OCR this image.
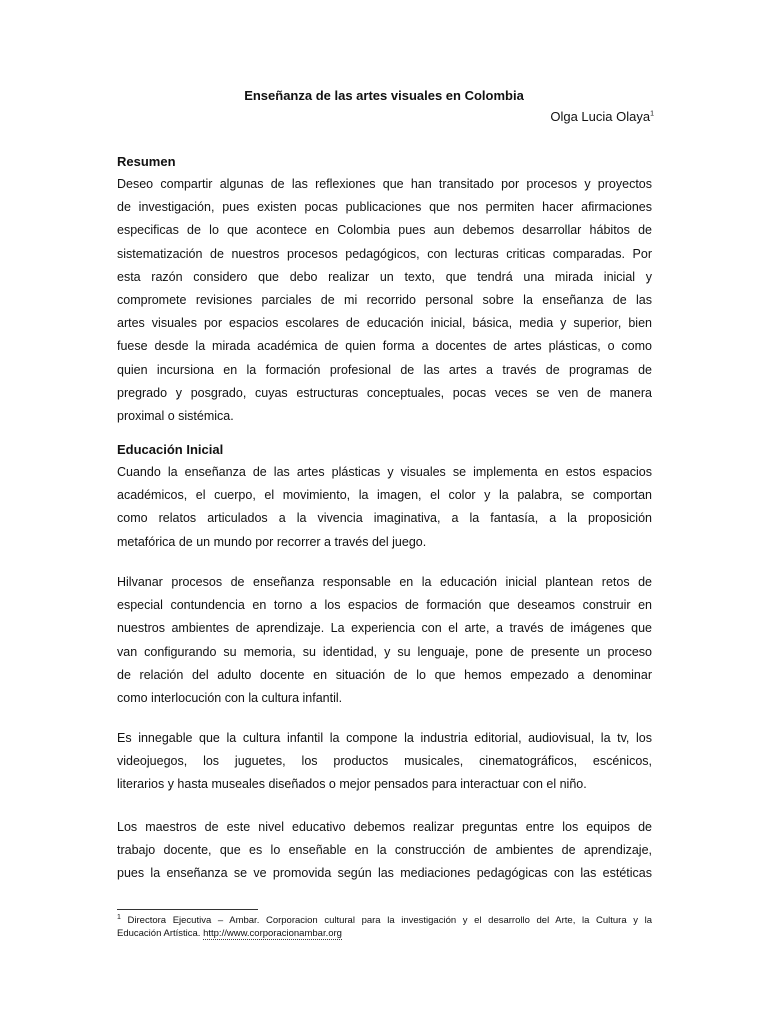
Enseñanza de las artes visuales en Colombia
Olga Lucia Olaya$^1$
Resumen
Deseo compartir algunas de las reflexiones que han transitado por procesos y proyectos
de investigación, pues existen pocas publicaciones que nos permiten hacer afirmaciones
especificas de lo que acontece en Colombia pues aun debemos desarrollar hábitos de
sistematización de nuestros procesos pedagógicos, con lecturas criticas comparadas. Por
esta razón considero que debo realizar un texto, que tendrá una mirada inicial y
compromete revisiones parciales de mi recorrido personal sobre la enseñanza de las
artes visuales por espacios escolares de educación inicial, básica, media y superior, bien
fuese desde la mirada académica de quien forma a docentes de artes plásticas, o como
quien incursiona en la formación profesional de las artes a través de programas de
pregrado y posgrado, cuyas estructuras conceptuales, pocas veces se ven de manera
proximal o sistémica.
Educación Inicial
Cuando la enseñanza de las artes plásticas y visuales se implementa en estos espacios
académicos, el cuerpo, el movimiento, la imagen, el color y la palabra, se comportan
como relatos articulados a la vivencia imaginativa, a la fantasía, a la proposición
metafórica de un mundo por recorrer a través del juego.
Hilvanar procesos de enseñanza responsable en la educación inicial plantean retos de
especial contundencia en torno a los espacios de formación que deseamos construir en
nuestros ambientes de aprendizaje. La experiencia con el arte, a través de imágenes que
van configurando su memoria, su identidad, y su lenguaje, pone de presente un proceso
de relación del adulto docente en situación de lo que hemos empezado a denominar
como interlocución con la cultura infantil.
Es innegable que la cultura infantil la compone la industria editorial, audiovisual, la tv, los
videojuegos, los juguetes, los productos musicales, cinematográficos, escénicos,
literarios y hasta museales diseñados o mejor pensados para interactuar con el niño.
Los maestros de este nivel educativo debemos realizar preguntas entre los equipos de
trabajo docente, que es lo enseñable en la construcción de ambientes de aprendizaje,
pues la enseñanza se ve promovida según las mediaciones pedagógicas con las estéticas
$^1$ Directora Ejecutiva – Ambar. Corporacion cultural para la investigación y el desarrollo del Arte, la Cultura y la
Educación Artística. http://www.corporacionambar.org
